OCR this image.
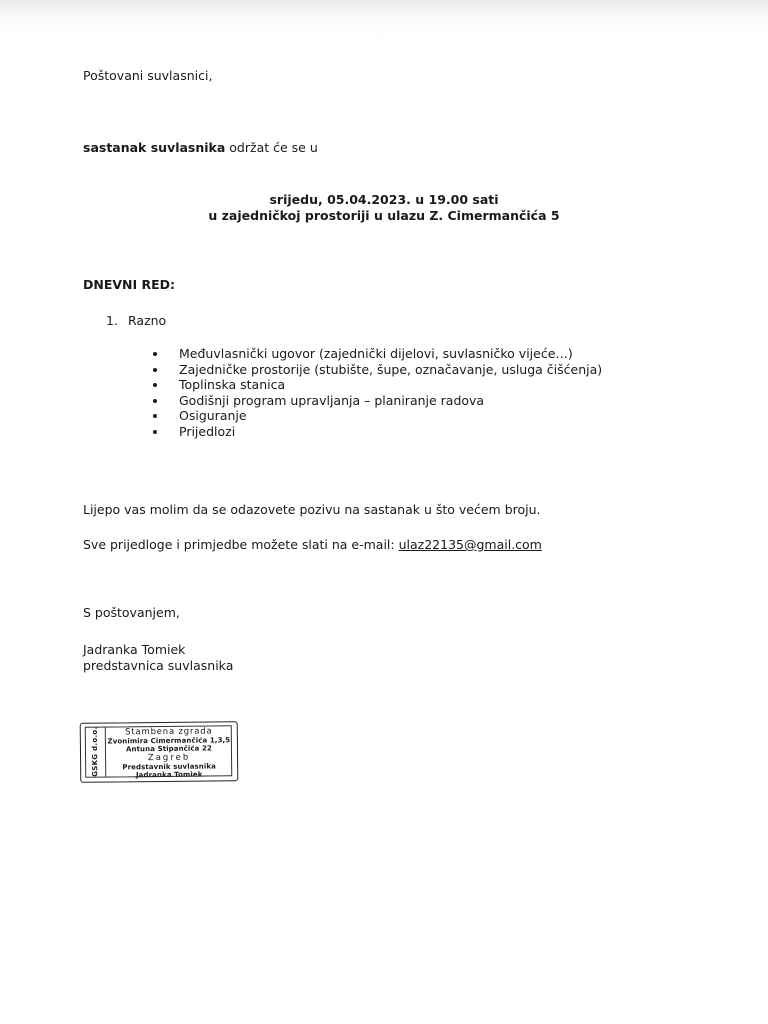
Poštovani suvlasnici,
sastanak suvlasnika održat će se u
srijedu, 05.04.2023. u 19.00 sati
u zajedničkoj prostoriji u ulazu Z. Cimermančića 5
DNEVNI RED:
1. Razno
Međuvlasnički ugovor (zajednički dijelovi, suvlasničko vijeće…)
Zajedničke prostorije (stubište, šupe, označavanje, usluga čišćenja)
Toplinska stanica
Godišnji program upravljanja – planiranje radova
Osiguranje
Prijedlozi
Lijepo vas molim da se odazovete pozivu na sastanak u što većem broju.
Sve prijedloge i primjedbe možete slati na e-mail: ulaz22135@gmail.com
S poštovanjem,
Jadranka Tomiek
predstavnica suvlasnika
GSKG d.o.o.	Stambena zgrada
Zvonimira Cimermančića 1,3,5
Antuna Stipančića 22
Zagreb
Predstavnik suvlasnika
Jadranka Tomiek
